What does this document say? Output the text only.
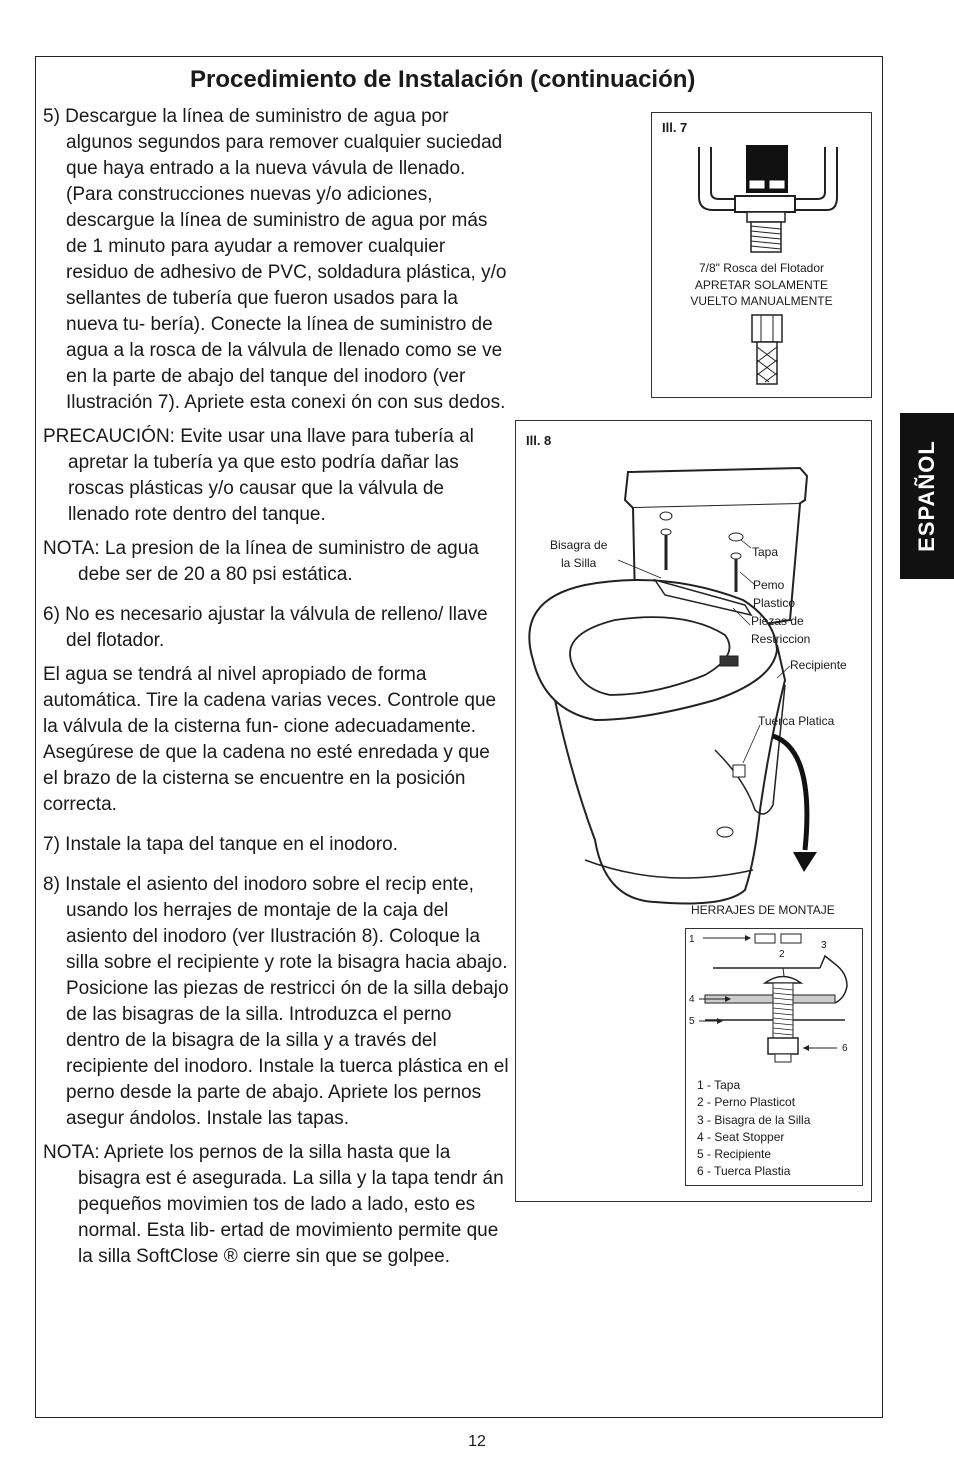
Procedimiento de Instalación (continuación)

5) Descargue la línea de suministro de agua por algunos segundos para remover cualquier suciedad que haya entrado a la nueva vávula de llenado. (Para construcciones nuevas y/o adiciones, descargue la línea de suministro de agua por más de 1 minuto para ayudar a remover cualquier residuo de adhesivo de PVC, soldadura plástica, y/o sellantes de tubería que fueron usados para la nueva tu- bería). Conecte la línea de suministro de agua a la rosca de la válvula de llenado como se ve en la parte de abajo del tanque del inodoro (ver Ilustración 7). Apriete esta conexi ón con sus dedos.

PRECAUCIÓN: Evite usar una llave para tubería al apretar la tubería ya que esto podría dañar las roscas plásticas y/o causar que la válvula de llenado rote dentro del tanque.

NOTA: La presion de la línea de suministro de agua debe ser de 20 a 80 psi estática.

6) No es necesario ajustar la válvula de relleno/ llave del flotador.

El agua se tendrá al nivel apropiado de forma automática. Tire la cadena varias veces. Controle que la válvula de la cisterna fun- cione adecuadamente. Asegúrese de que la cadena no esté enredada y que el brazo de la cisterna se encuentre en la posición correcta.

7) Instale la tapa del tanque en el inodoro.

8) Instale el asiento del inodoro sobre el recip ente, usando los herrajes de montaje de la caja del asiento del inodoro (ver Ilustración 8). Coloque la silla sobre el recipiente y rote la bisagra hacia abajo. Posicione las piezas de restricci ón de la silla debajo de las bisagras de la silla. Introduzca el perno dentro de la bisagra de la silla y a través del recipiente del inodoro. Instale la tuerca plástica en el perno desde la parte de abajo. Apriete los pernos asegur ándolos. Instale las tapas.

NOTA: Apriete los pernos de la silla hasta que la bisagra est é asegurada. La silla y la tapa tendr án pequeños movimien tos de lado a lado, esto es normal. Esta lib- ertad de movimiento permite que la silla SoftClose ® cierre sin que se golpee.

ESPAÑOL
Ill. 7
7/8" Rosca del Flotador
APRETAR SOLAMENTE
VUELTO MANUALMENTE
Ill. 8
Bisagra de
la Silla
Tapa
Pemo
Plastico
Piezas de
Restriccion
Recipiente
Tuerca Platica
HERRAJES DE MONTAJE
1
2
3
4
5
6
1 - Tapa
2 - Perno Plasticot
3 - Bisagra de la Silla
4 - Seat Stopper
5 - Recipiente
6 - Tuerca Plastia
12
